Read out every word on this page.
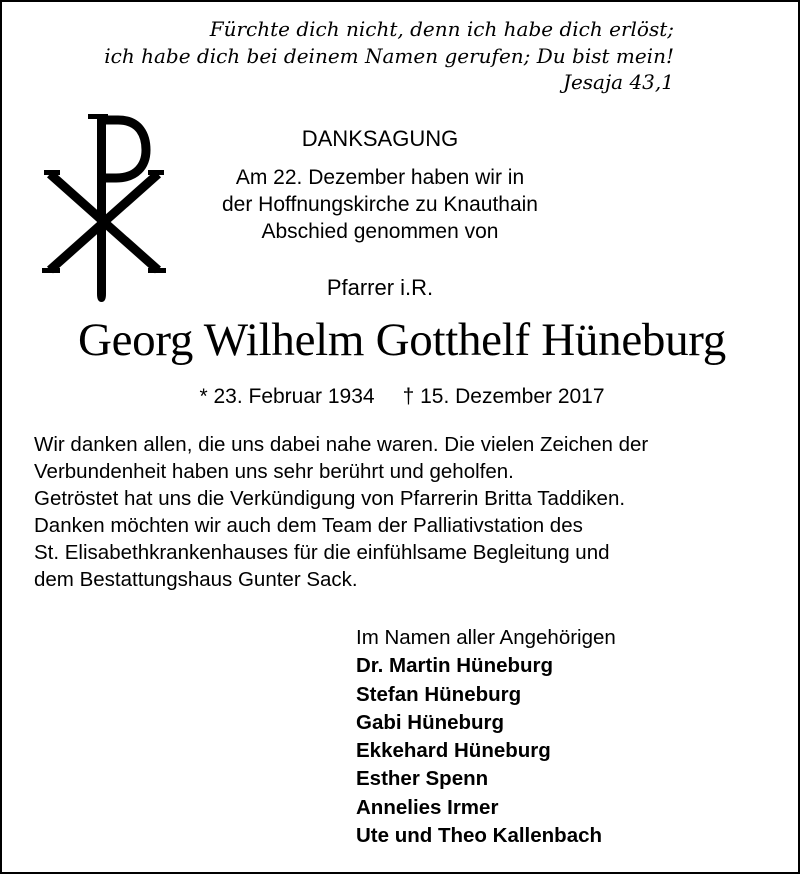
Fürchte dich nicht, denn ich habe dich erlöst;
ich habe dich bei deinem Namen gerufen; Du bist mein!
Jesaja 43,1
DANKSAGUNG
Am 22. Dezember haben wir in
der Hoffnungskirche zu Knauthain
Abschied genommen von
Pfarrer i.R.
Georg Wilhelm Gotthelf Hüneburg
* 23. Februar 1934 † 15. Dezember 2017
Wir danken allen, die uns dabei nahe waren. Die vielen Zeichen der
Verbundenheit haben uns sehr berührt und geholfen.
Getröstet hat uns die Verkündigung von Pfarrerin Britta Taddiken.
Danken möchten wir auch dem Team der Palliativstation des
St. Elisabethkrankenhauses für die einfühlsame Begleitung und
dem Bestattungshaus Gunter Sack.
Im Namen aller Angehörigen
Dr. Martin Hüneburg
Stefan Hüneburg
Gabi Hüneburg
Ekkehard Hüneburg
Esther Spenn
Annelies Irmer
Ute und Theo Kallenbach
